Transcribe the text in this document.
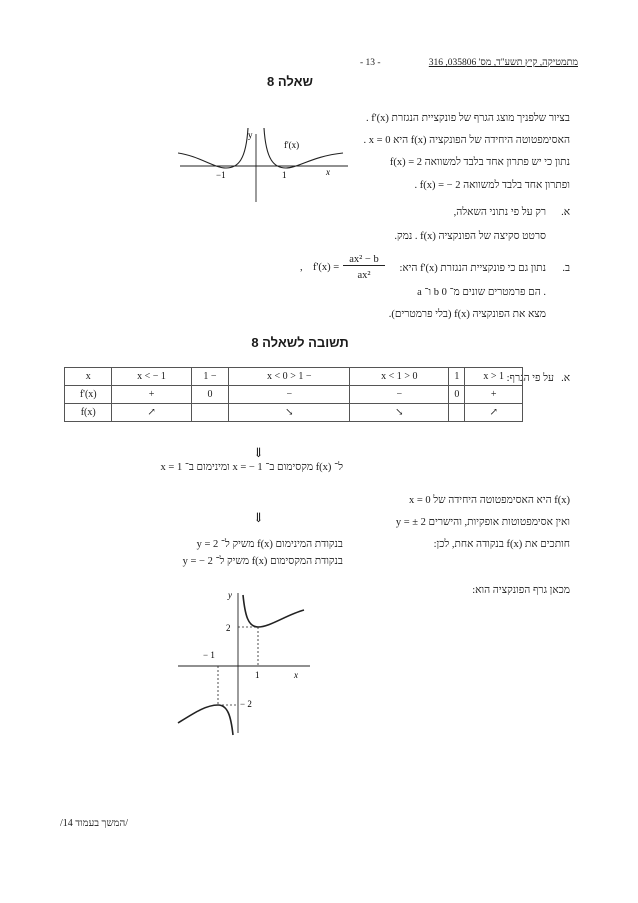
מתמטיקה, קיץ תשע"ד, מס' 035806, 316
- 13 -
שאלה 8
בציור שלפניך מוצג הגרף של פונקציית הנגזרת f'(x) .
האסימפטוטה היחידה של הפונקציה f(x) היא x = 0 .
נתון כי יש פתרון אחד בלבד למשוואה f(x) = 2
ופתרון אחד בלבד למשוואה f(x) = − 2 .
y
x
f'(x)
−1	1
א.
רק על פי נתוני השאלה,
סרטט סקיצה של הפונקציה f(x) . נמק.
ב.
נתון גם כי פונקציית הנגזרת f'(x) היא:
f'(x) =
,
ax² − b
ax²
a ו־ b הם פרמטרים שונים מ־ 0 .
מצא את הפונקציה f(x) (בלי פרמטרים).
תשובה לשאלה 8
א.
על פי הגרף:
x > 1	1	0 < x < 1	− 1 < x < 0	− 1	x < − 1	x
+	0	−	−	0	+	f'(x)
↗		↘	↘		↗	f(x)
⇓
ל־ f(x) מקסימום ב־ x = − 1 ומינימום ב־ x = 1
x = 0 היא האסימפטוטה היחידה של f(x)
ואין אסימפטוטות אופקיות, והישרים y = ± 2
חותכים את f(x) בנקודה אחת, לכן:
⇓
y = 2 משיק ל־ f(x) בנקודת המינימום
y = − 2 משיק ל־ f(x) בנקודת המקסימום
מכאן גרף הפונקציה הוא:
y
x
2
− 2
− 1
1
/המשך בעמוד 14/
